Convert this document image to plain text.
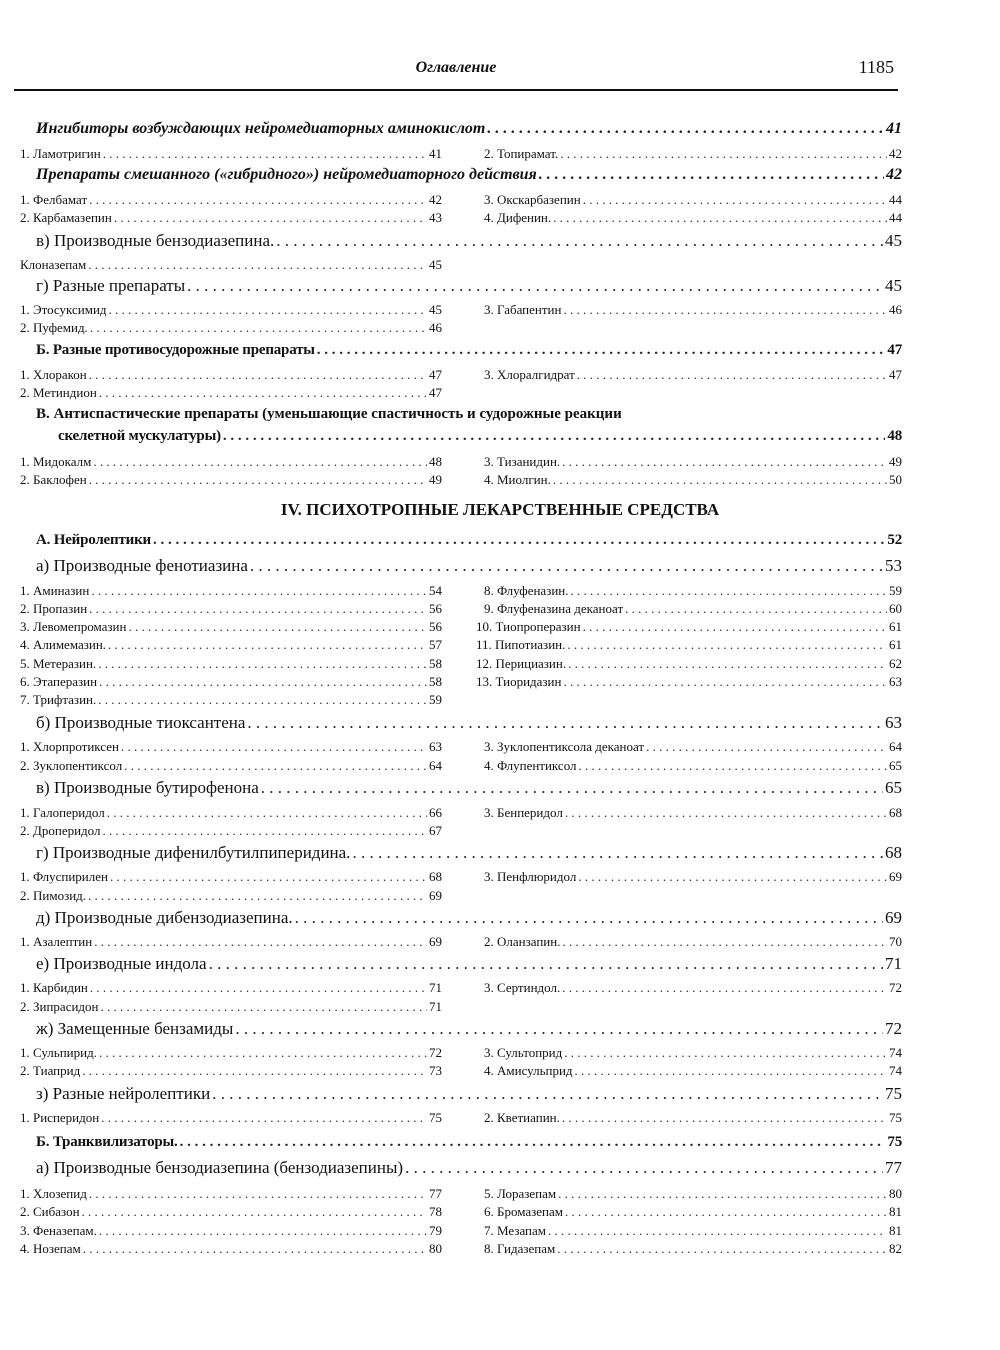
Оглавление	1185
Ингибиторы возбуждающих нейромедиаторных аминокислот . . .	41
1. Ламотригин . . .	41	2. Топирамат. . . .	42
Препараты смешанного («гибридного») нейромедиаторного действия . . .	42
1. Фелбамат . . .	42	3. Окскарбазепин . . .	44
2. Карбамазепин . . .	43	4. Дифенин. . . .	44
в) Производные бензодиазепина. . . .	45
Клоназепам . . .	45
г) Разные препараты . . .	45
1. Этосуксимид . . .	45	3. Габапентин . . .	46
2. Пуфемид. . . .	46
Б. Разные противосудорожные препараты . . .	47
1. Хлоракон . . .	47	3. Хлоралгидрат . . .	47
2. Метиндион . . .	47
В. Антиспастические препараты (уменьшающие спастичность и судорожные реакции
скелетной мускулатуры) . . .	48
1. Мидокалм . . .	48	3. Тизанидин. . . .	49
2. Баклофен . . .	49	4. Миолгин. . . .	50
IV. ПСИХОТРОПНЫЕ ЛЕКАРСТВЕННЫЕ СРЕДСТВА
А. Нейролептики . . .	52
а) Производные фенотиазина . . .	53
1. Аминазин . . .	54	8. Флуфеназин. . . .	59
2. Пропазин . . .	56	9. Флуфеназина деканоат . . .	60
3. Левомепромазин . . .	56	10. Тиопроперазин . . .	61
4. Алимемазин. . . .	57	11. Пипотиазин. . . .	61
5. Метеразин. . . .	58	12. Перициазин. . . .	62
6. Этаперазин . . .	58	13. Тиоридазин . . .	63
7. Трифтазин. . . .	59
б) Производные тиоксантена . . .	63
1. Хлорпротиксен . . .	63	3. Зуклопентиксола деканоат . . .	64
2. Зуклопентиксол . . .	64	4. Флупентиксол . . .	65
в) Производные бутирофенона . . .	65
1. Галоперидол . . .	66	3. Бенперидол . . .	68
2. Дроперидол . . .	67
г) Производные дифенилбутилпиперидина. . . .	68
1. Флуспирилен . . .	68	3. Пенфлюридол . . .	69
2. Пимозид. . . .	69
д) Производные дибензодиазепина. . . .	69
1. Азалептин . . .	69	2. Оланзапин. . . .	70
е) Производные индола . . .	71
1. Карбидин . . .	71	3. Сертиндол. . . .	72
2. Зипрасидон . . .	71
ж) Замещенные бензамиды . . .	72
1. Сульпирид. . . .	72	3. Сультоприд . . .	74
2. Тиаприд . . .	73	4. Амисульприд . . .	74
з) Разные нейролептики . . .	75
1. Рисперидон . . .	75	2. Кветиапин. . . .	75
Б. Транквилизаторы. . . .	75
а) Производные бензодиазепина (бензодиазепины) . . .	77
1. Хлозепид . . .	77	5. Лоразепам . . .	80
2. Сибазон . . .	78	6. Бромазепам . . .	81
3. Феназепам. . . .	79	7. Мезапам . . .	81
4. Нозепам . . .	80	8. Гидазепам . . .	82
